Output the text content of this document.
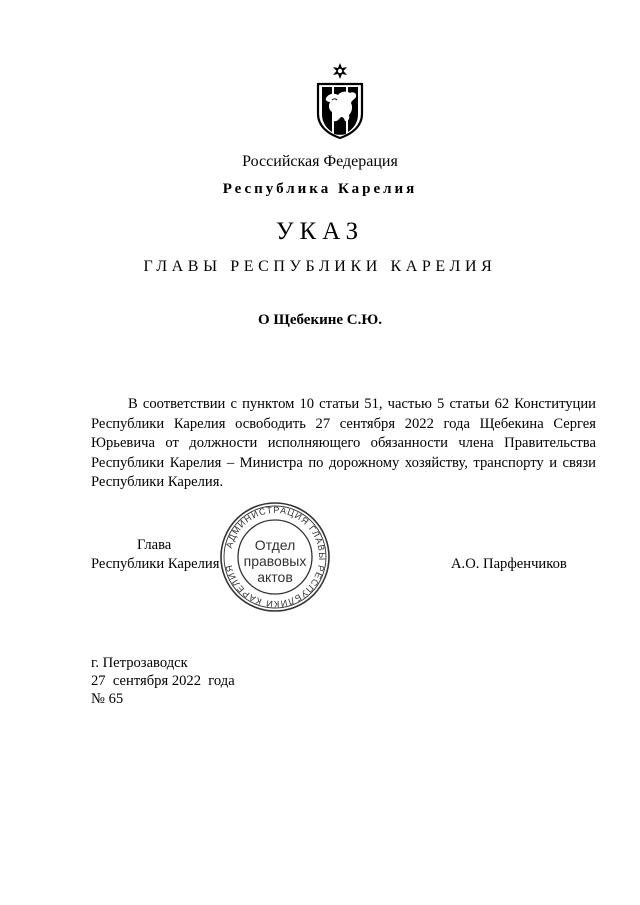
Российская Федерация
Республика Карелия
УКАЗ
ГЛАВЫ РЕСПУБЛИКИ КАРЕЛИЯ
О Щебекине С.Ю.
В соответствии с пунктом 10 статьи 51, частью 5 статьи 62 Конституции Республики Карелия освободить 27 сентября 2022 года Щебекина Сергея Юрьевича от должности исполняющего обязанности члена Правительства Республики Карелия – Министра по дорожному хозяйству, транспорту и связи Республики Карелия.
Глава
Республики Карелия	А.О. Парфенчиков
АДМИНИСТРАЦИЯ ГЛАВЫ РЕСПУБЛИКИ КАРЕЛИЯ
Отдел
правовых
актов
г. Петрозаводск
27  сентября 2022  года
№ 65
